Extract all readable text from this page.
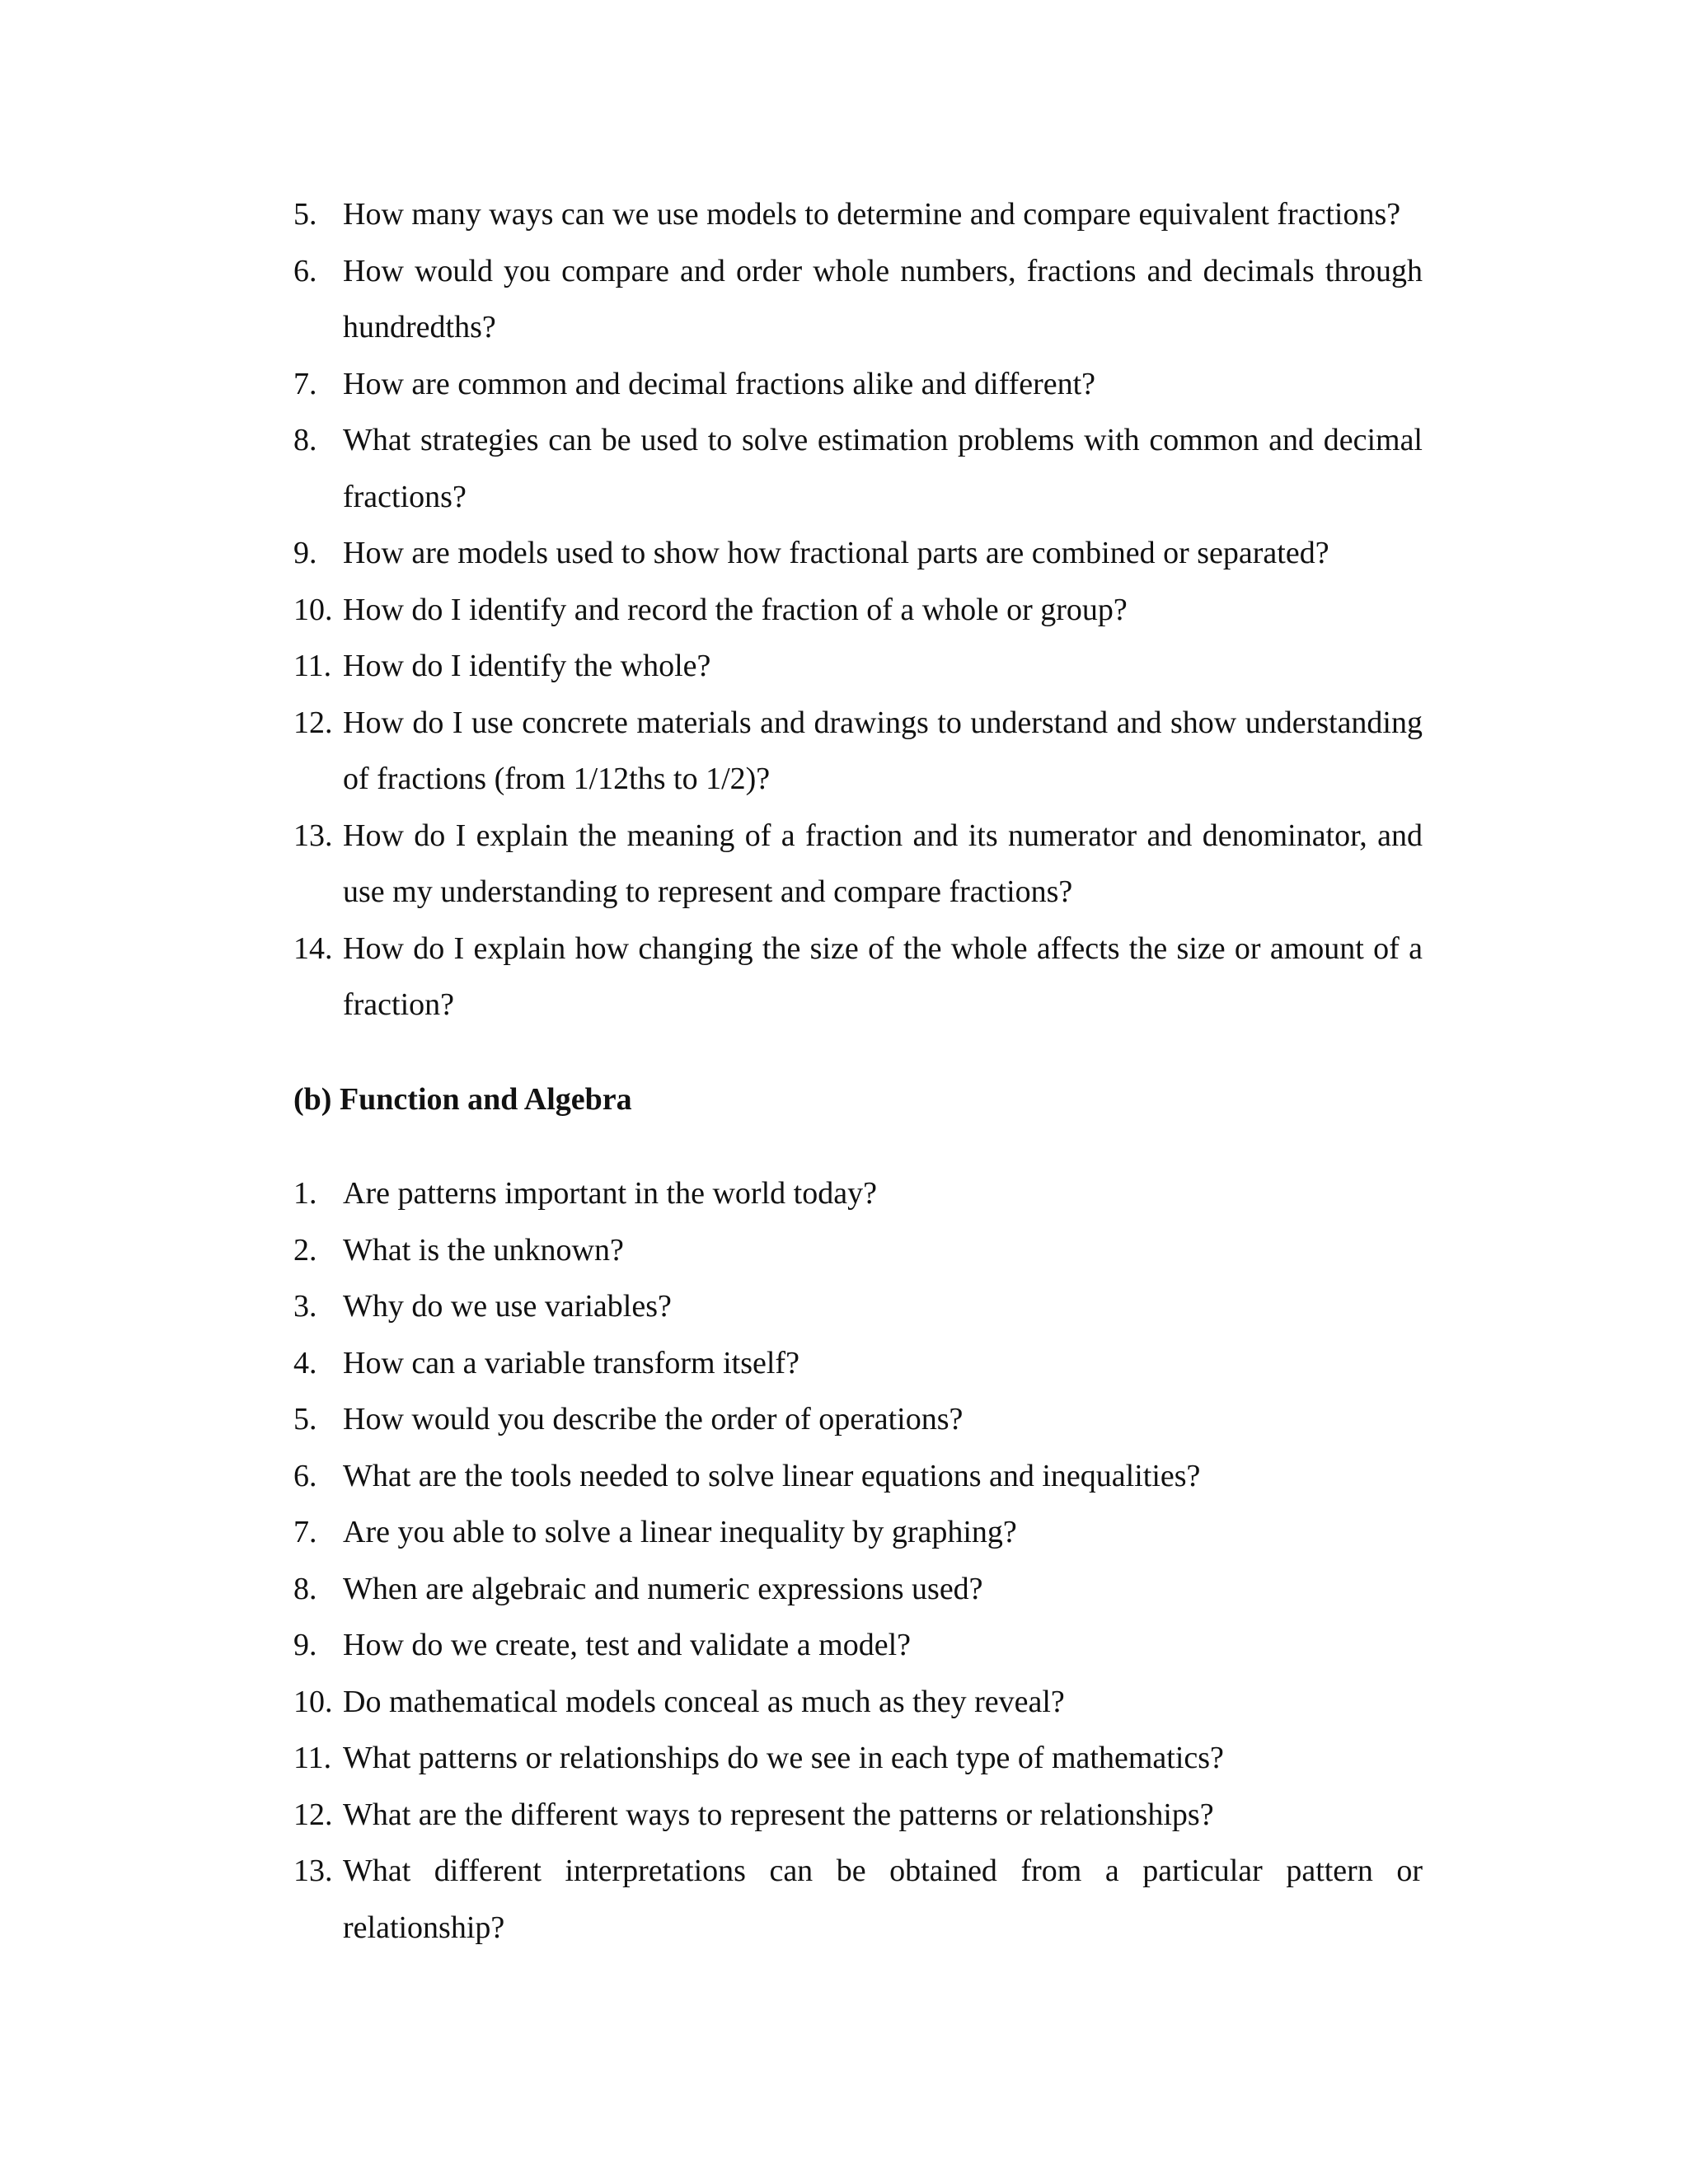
5. How many ways can we use models to determine and compare equivalent fractions?
6. How would you compare and order whole numbers, fractions and decimals through hundredths?
7. How are common and decimal fractions alike and different?
8. What strategies can be used to solve estimation problems with common and decimal fractions?
9. How are models used to show how fractional parts are combined or separated?
10. How do I identify and record the fraction of a whole or group?
11. How do I identify the whole?
12. How do I use concrete materials and drawings to understand and show understanding of fractions (from 1/12ths to 1/2)?
13. How do I explain the meaning of a fraction and its numerator and denominator, and use my understanding to represent and compare fractions?
14. How do I explain how changing the size of the whole affects the size or amount of a fraction?
(b) Function and Algebra
1. Are patterns important in the world today?
2. What is the unknown?
3. Why do we use variables?
4. How can a variable transform itself?
5. How would you describe the order of operations?
6. What are the tools needed to solve linear equations and inequalities?
7. Are you able to solve a linear inequality by graphing?
8. When are algebraic and numeric expressions used?
9. How do we create, test and validate a model?
10. Do mathematical models conceal as much as they reveal?
11. What patterns or relationships do we see in each type of mathematics?
12. What are the different ways to represent the patterns or relationships?
13. What different interpretations can be obtained from a particular pattern or relationship?
